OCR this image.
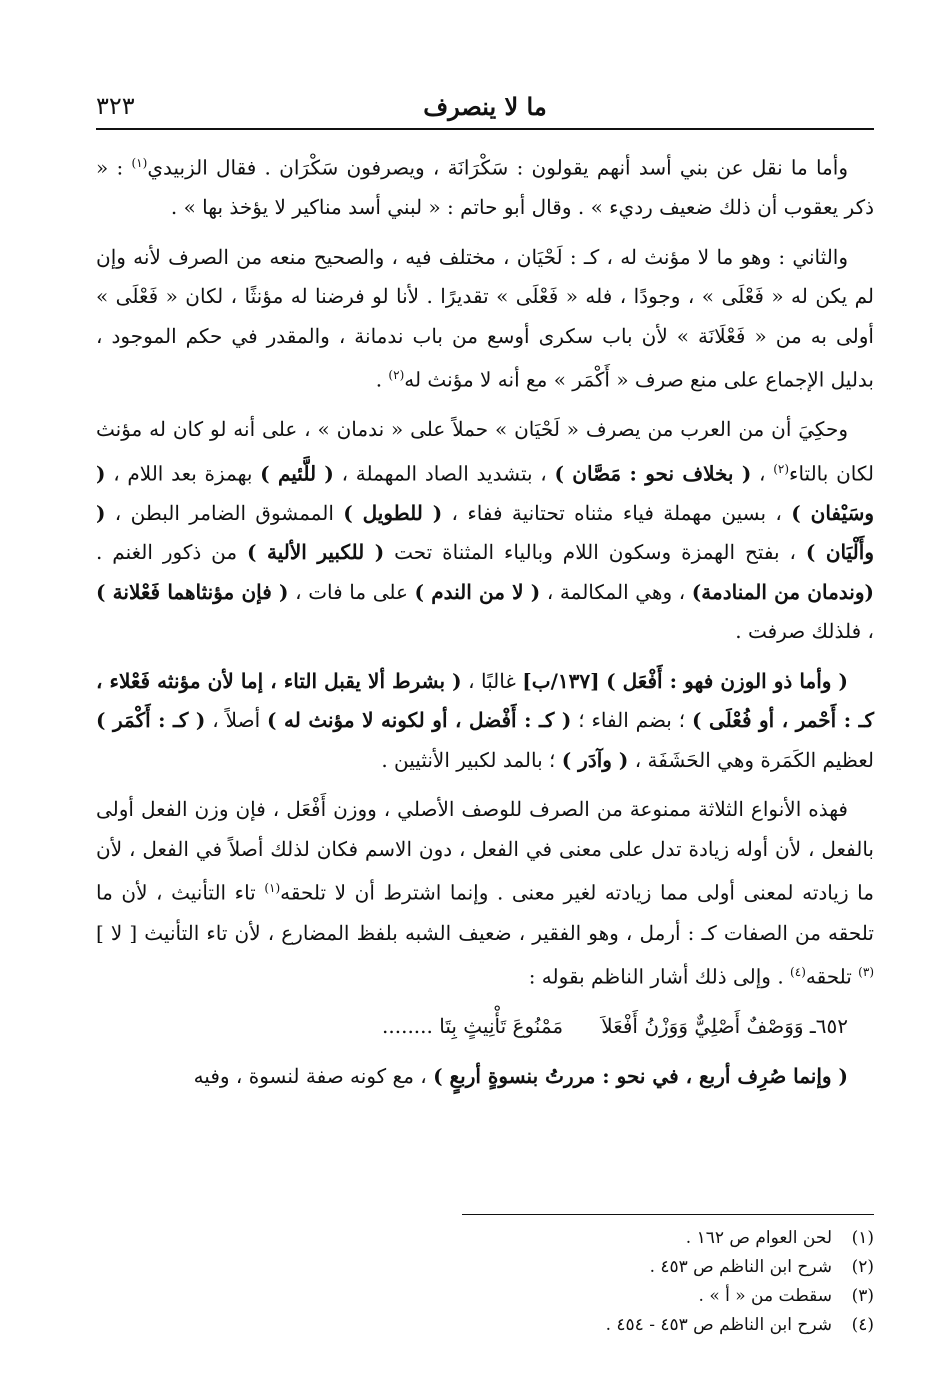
ما لا ينصرف
٣٢٣

وأما ما نقل عن بني أسد أنهم يقولون : سَكْرَانَة ، ويصرفون سَكْرَان . فقال الزبيدي$^{(١)}$ : « ذكر يعقوب أن ذلك ضعيف رديء » . وقال أبو حاتم : « لبني أسد مناكير لا يؤخذ بها » .

والثاني : وهو ما لا مؤنث له ، كـ : لَحْيَان ، مختلف فيه ، والصحيح منعه من الصرف لأنه وإن لم يكن له « فَعْلَى » ، وجودًا ، فله « فَعْلَى » تقديرًا . لأنا لو فرضنا له مؤنثًا ، لكان « فَعْلَى » أولى به من « فَعْلَانَة » لأن باب سكرى أوسع من باب ندمانة ، والمقدر في حكم الموجود ، بدليل الإجماع على منع صرف « أَكْمَر » مع أنه لا مؤنث له$^{(٢)}$ .

وحكِيَ أن من العرب من يصرف « لَحْيَان » حملاً على « ندمان » ، على أنه لو كان له مؤنث لكان بالتاء$^{(٢)}$ ، ( بخلاف نحو : مَصَّان ) ، بتشديد الصاد المهملة ، ( للَّئيم ) بهمزة بعد اللام ، ( وسَيْفان ) ، بسين مهملة فياء مثناه تحتانية ففاء ، ( للطويل ) الممشوق الضامر البطن ، ( وأَلْيَان ) ، بفتح الهمزة وسكون اللام وبالياء المثناة تحت ( للكبير الألية ) من ذكور الغنم . (وندمان من المنادمة) ، وهي المكالمة ، ( لا من الندم ) على ما فات ، ( فإن مؤنثاهما فَعْلانة ) ، فلذلك صرفت .

( وأما ذو الوزن فهو : أَفْعَل ) [١٣٧/ب] غالبًا ، ( بشرط ألا يقبل التاء ، إما لأن مؤنثه فَعْلاء ، كـ : أَحْمر ، أو فُعْلَى ) ؛ بضم الفاء ؛ ( كـ : أَفْضل ، أو لكونه لا مؤنث له ) أصلاً ، ( كـ : أَكْمَر ) لعظيم الكَمَرة وهي الحَشَفَة ، ( وآدَر ) ؛ بالمد لكبير الأنثيين .

فهذه الأنواع الثلاثة ممنوعة من الصرف للوصف الأصلي ، ووزن أَفْعَل ، فإن وزن الفعل أولى بالفعل ، لأن أوله زيادة تدل على معنى في الفعل ، دون الاسم فكان لذلك أصلاً في الفعل ، لأن ما زيادته لمعنى أولى مما زيادته لغير معنى . وإنما اشترط أن لا تلحقه$^{(١)}$ تاء التأنيث ، لأن ما تلحقه من الصفات كـ : أرمل ، وهو الفقير ، ضعيف الشبه بلفظ المضارع ، لأن تاء التأنيث [ لا ]$^{(٣)}$ تلحقه$^{(٤)}$ . وإلى ذلك أشار الناظم بقوله :

٦٥٢ـ وَوَصْفٌ أَصْلِيٌّ وَوَزْنُ أَفْعَلاَ      مَمْنُوعَ تَأْنِيثٍ بِتَا ........

( وإنما صُرِف أربع ، في نحو : مررتُ بنسوةٍ أربعٍ ) ، مع كونه صفة لنسوة ، وفيه

(١)لحن العوام ص ١٦٢ .
(٢)شرح ابن الناظم ص ٤٥٣ .
(٣)سقطت من « أ » .
(٤)شرح ابن الناظم ص ٤٥٣ - ٤٥٤ .
